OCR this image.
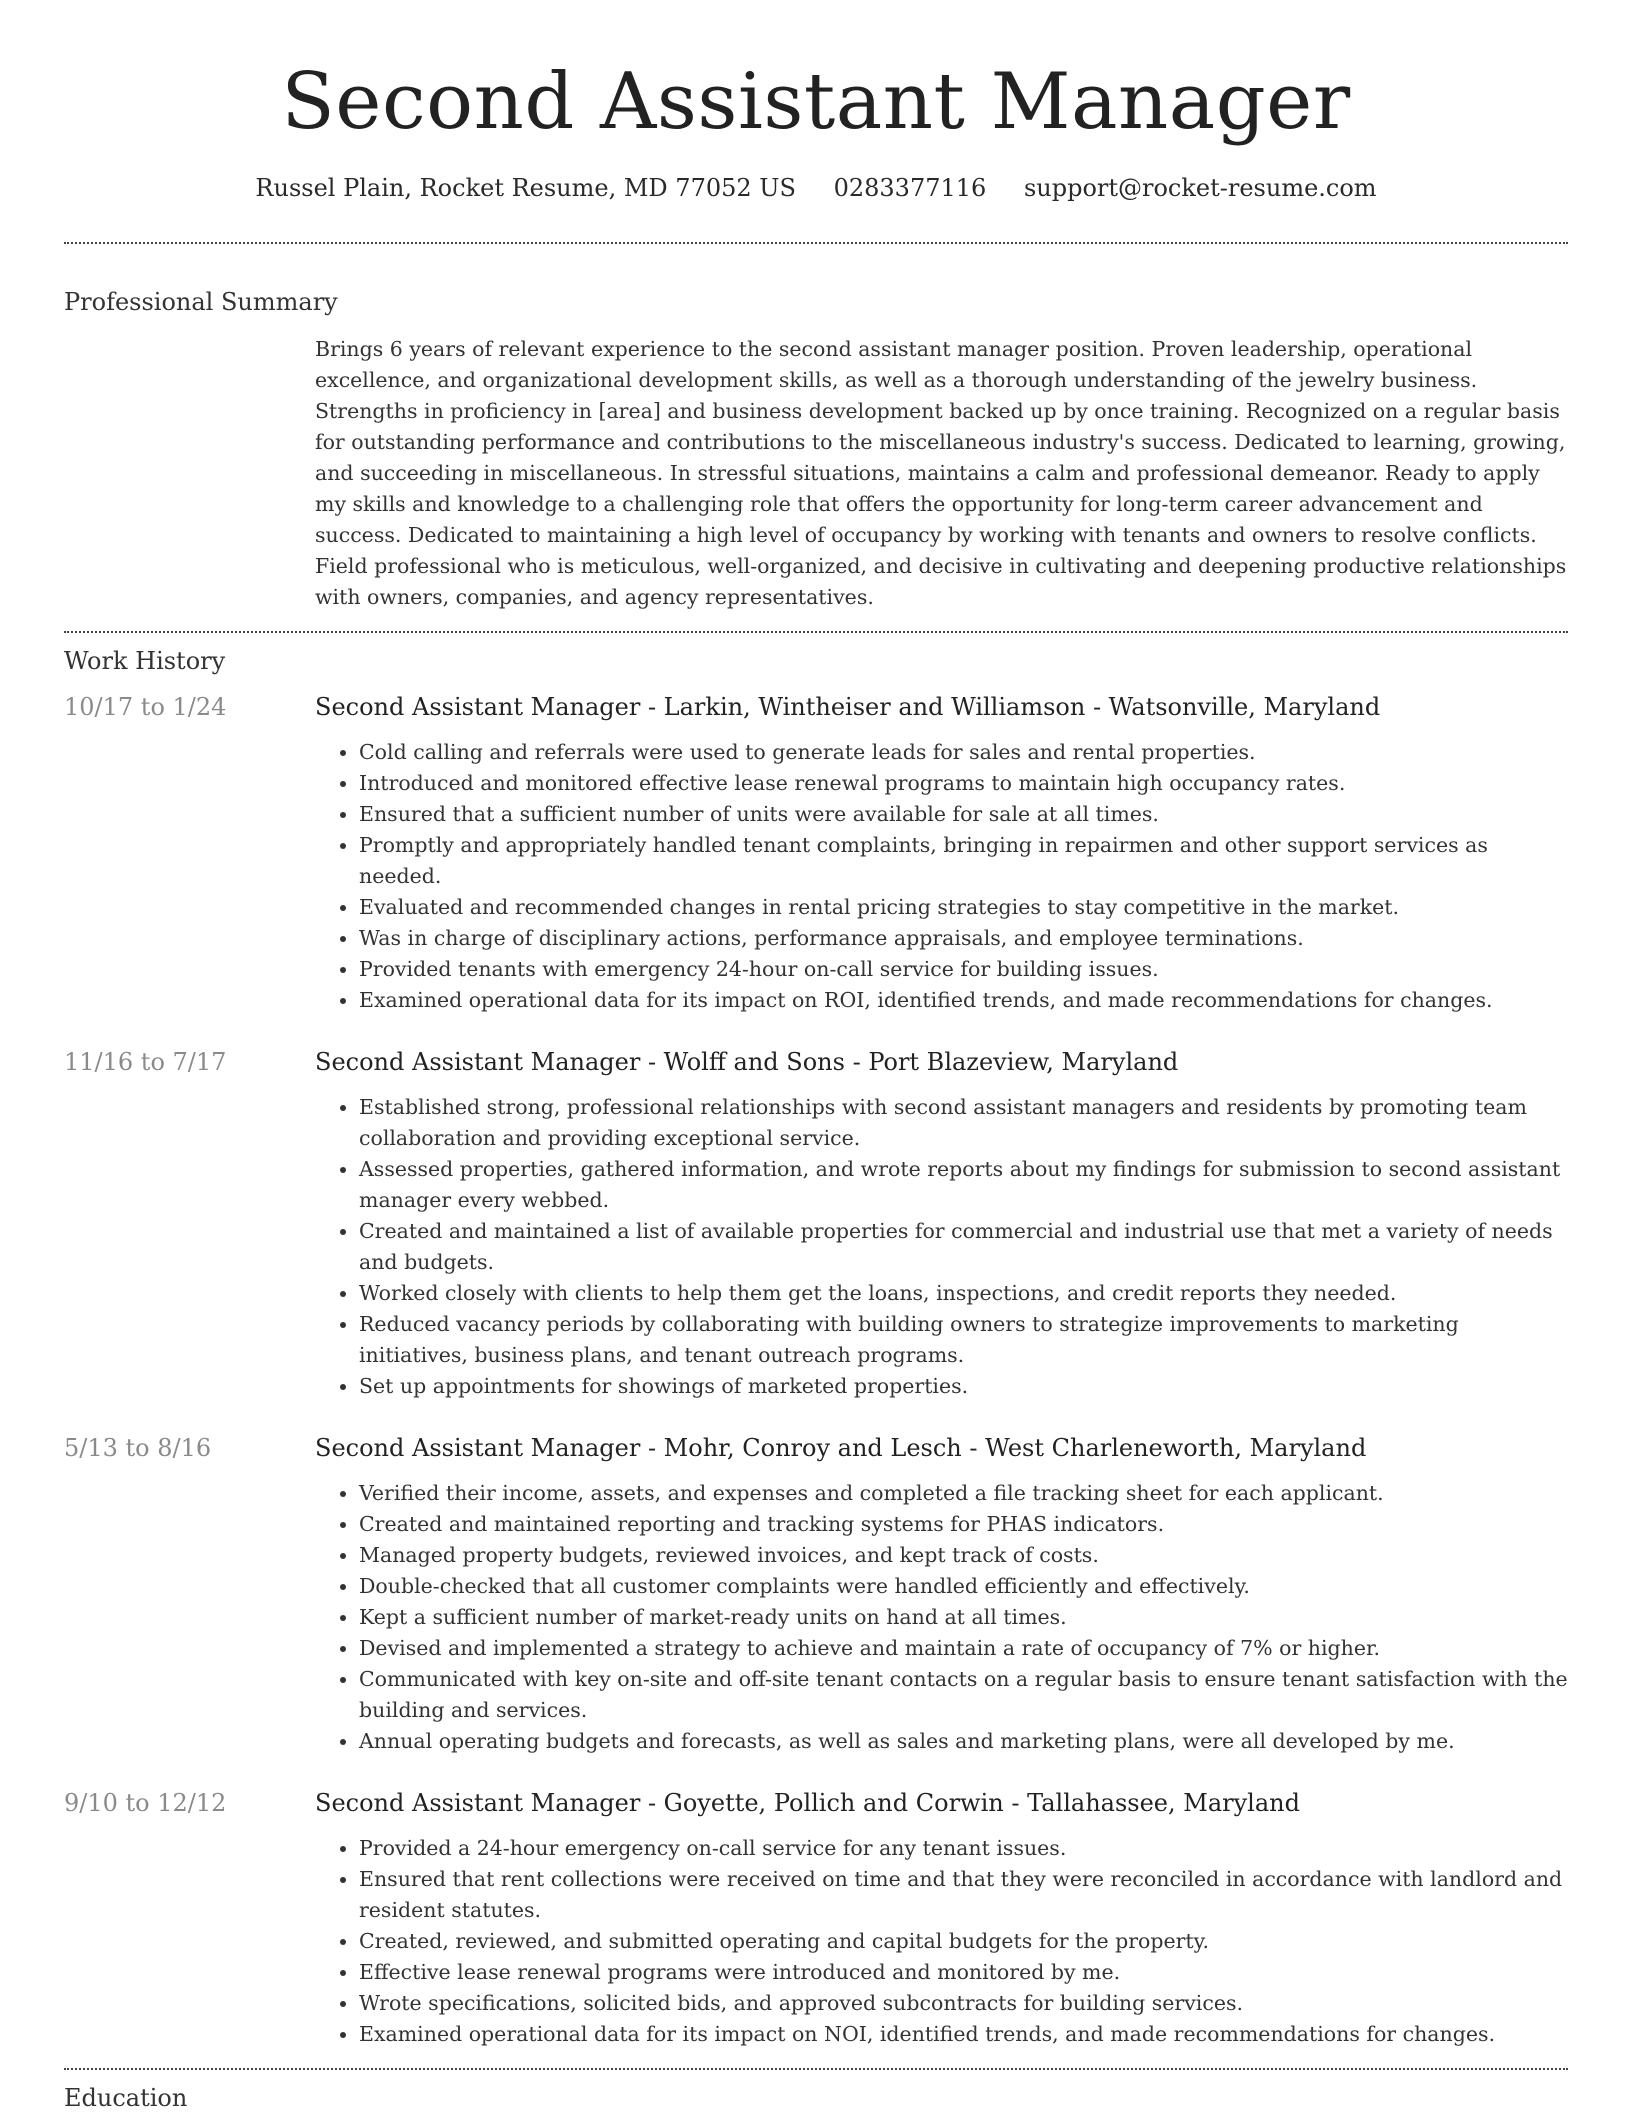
Second Assistant Manager
Russel Plain, Rocket Resume, MD 77052 US 0283377116 support@rocket-resume.com
Professional Summary

Brings 6 years of relevant experience to the second assistant manager position. Proven leadership, operational excellence, and organizational development skills, as well as a thorough understanding of the jewelry business. Strengths in proficiency in [area] and business development backed up by once training. Recognized on a regular basis for outstanding performance and contributions to the miscellaneous industry's success. Dedicated to learning, growing, and succeeding in miscellaneous. In stressful situations, maintains a calm and professional demeanor. Ready to apply my skills and knowledge to a challenging role that offers the opportunity for long-term career advancement and success. Dedicated to maintaining a high level of occupancy by working with tenants and owners to resolve conflicts. Field professional who is meticulous, well-organized, and decisive in cultivating and deepening productive relationships with owners, companies, and agency representatives.

Work History
10/17 to 1/24	Second Assistant Manager - Larkin, Wintheiser and Williamson - Watsonville, Maryland
• Cold calling and referrals were used to generate leads for sales and rental properties.
• Introduced and monitored effective lease renewal programs to maintain high occupancy rates.
• Ensured that a sufficient number of units were available for sale at all times.
• Promptly and appropriately handled tenant complaints, bringing in repairmen and other support services as needed.
• Evaluated and recommended changes in rental pricing strategies to stay competitive in the market.
• Was in charge of disciplinary actions, performance appraisals, and employee terminations.
• Provided tenants with emergency 24-hour on-call service for building issues.
• Examined operational data for its impact on ROI, identified trends, and made recommendations for changes.
11/16 to 7/17	Second Assistant Manager - Wolff and Sons - Port Blazeview, Maryland
• Established strong, professional relationships with second assistant managers and residents by promoting team collaboration and providing exceptional service.
• Assessed properties, gathered information, and wrote reports about my findings for submission to second assistant manager every webbed.
• Created and maintained a list of available properties for commercial and industrial use that met a variety of needs and budgets.
• Worked closely with clients to help them get the loans, inspections, and credit reports they needed.
• Reduced vacancy periods by collaborating with building owners to strategize improvements to marketing initiatives, business plans, and tenant outreach programs.
• Set up appointments for showings of marketed properties.
5/13 to 8/16	Second Assistant Manager - Mohr, Conroy and Lesch - West Charleneworth, Maryland
• Verified their income, assets, and expenses and completed a file tracking sheet for each applicant.
• Created and maintained reporting and tracking systems for PHAS indicators.
• Managed property budgets, reviewed invoices, and kept track of costs.
• Double-checked that all customer complaints were handled efficiently and effectively.
• Kept a sufficient number of market-ready units on hand at all times.
• Devised and implemented a strategy to achieve and maintain a rate of occupancy of 7% or higher.
• Communicated with key on-site and off-site tenant contacts on a regular basis to ensure tenant satisfaction with the building and services.
• Annual operating budgets and forecasts, as well as sales and marketing plans, were all developed by me.
9/10 to 12/12	Second Assistant Manager - Goyette, Pollich and Corwin - Tallahassee, Maryland
• Provided a 24-hour emergency on-call service for any tenant issues.
• Ensured that rent collections were received on time and that they were reconciled in accordance with landlord and resident statutes.
• Created, reviewed, and submitted operating and capital budgets for the property.
• Effective lease renewal programs were introduced and monitored by me.
• Wrote specifications, solicited bids, and approved subcontracts for building services.
• Examined operational data for its impact on NOI, identified trends, and made recommendations for changes.
Education
